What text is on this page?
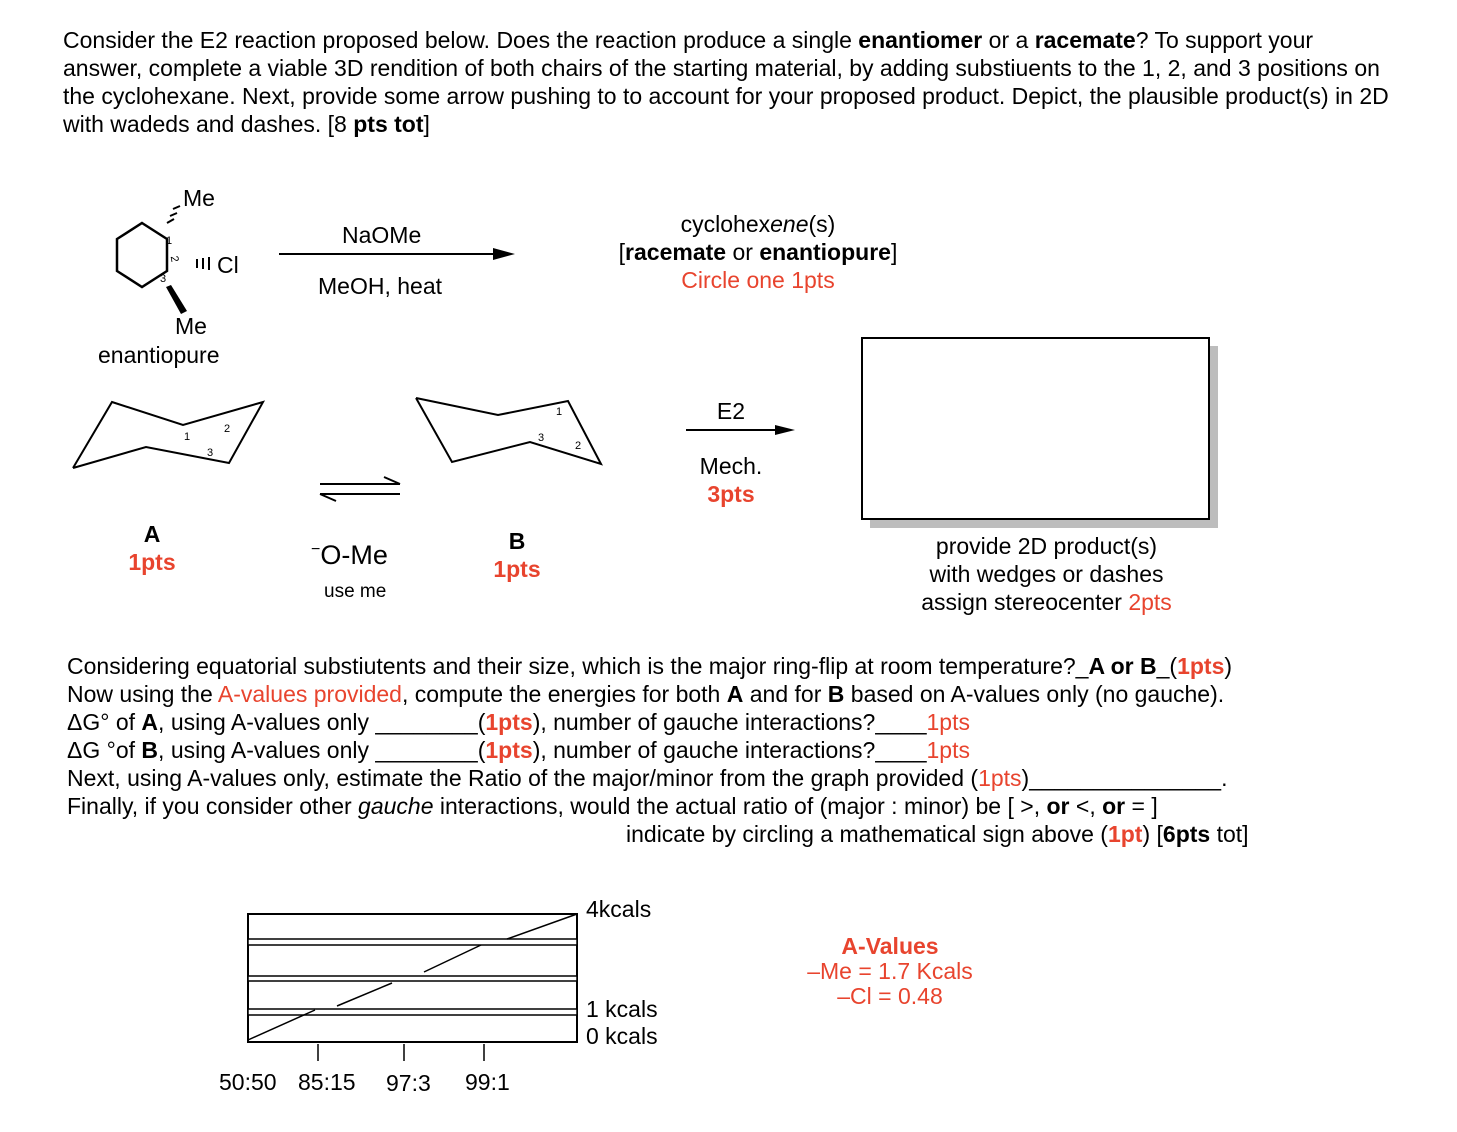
Consider the E2 reaction proposed below. Does the reaction produce a single enantiomer or a racemate? To support your answer, complete a viable 3D rendition of both chairs of the starting material, by adding substiuents to the 1, 2, and 3 positions on the cyclohexane. Next, provide some arrow pushing to to account for your proposed product. Depict, the plausible product(s) in 2D with wadeds and dashes. [8 pts tot]
Me
Cl
Me
1
2
3
enantiopure
NaOMe
MeOH, heat
cyclohexene(s)
[racemate or enantiopure]
Circle one 1pts
1
2
3
1
3
2
A
1pts
B
1pts
−O-Me
use me
E2
Mech.
3pts
provide 2D product(s)
with wedges or dashes
assign stereocenter 2pts
Considering equatorial substiutents and their size, which is the major ring-flip at room temperature?_A or B_(1pts)
Now using the A-values provided, compute the energies for both A and for B based on A-values only (no gauche).
ΔG° of A, using A-values only ________(1pts), number of gauche interactions?____1pts
ΔG °of B, using A-values only ________(1pts), number of gauche interactions?____1pts
Next, using A-values only, estimate the Ratio of the major/minor from the graph provided (1pts)_______________.
Finally, if you consider other gauche interactions, would the actual ratio of (major : minor) be [ >, or <, or = ]
indicate by circling a mathematical sign above (1pt) [6pts tot]
4kcals
1 kcals
0 kcals
50:50 85:15 97:3 99:1
A-Values
–Me = 1.7 Kcals
–Cl = 0.48
